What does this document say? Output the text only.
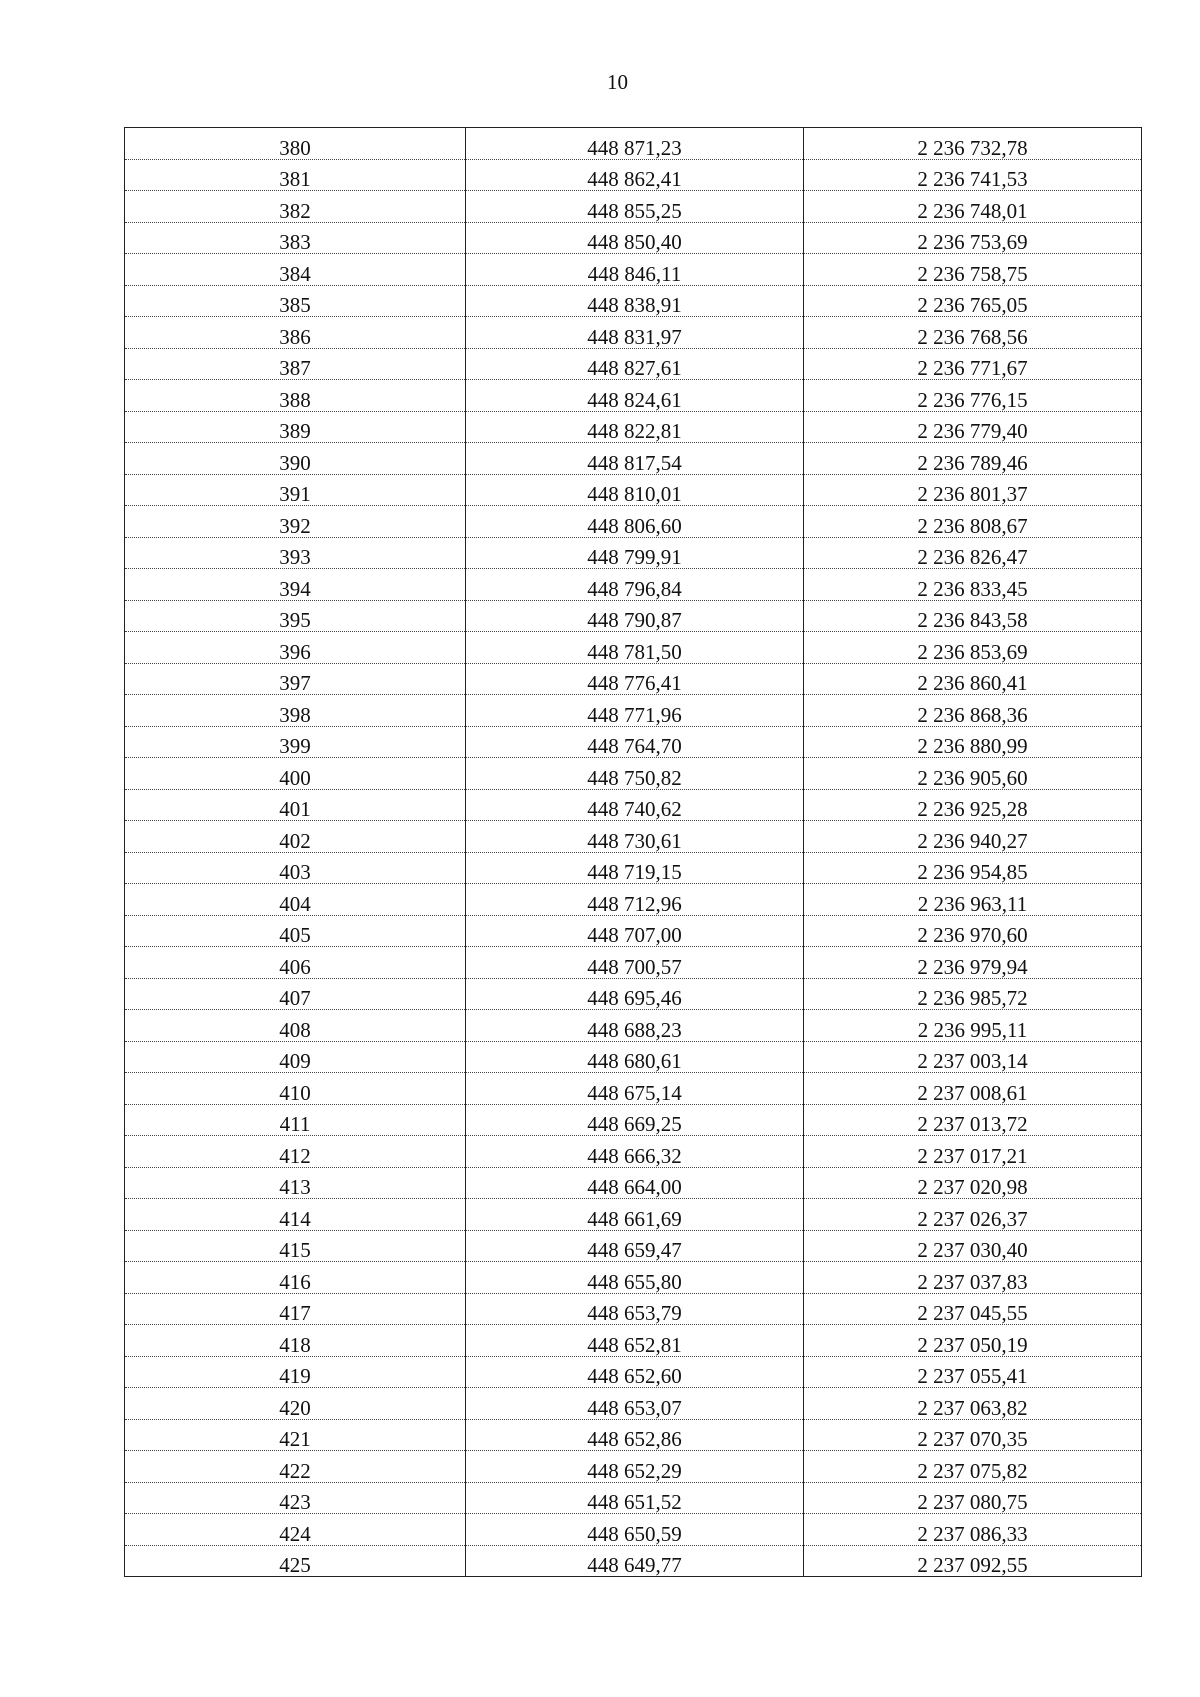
10
380	448 871,23	2 236 732,78
381	448 862,41	2 236 741,53
382	448 855,25	2 236 748,01
383	448 850,40	2 236 753,69
384	448 846,11	2 236 758,75
385	448 838,91	2 236 765,05
386	448 831,97	2 236 768,56
387	448 827,61	2 236 771,67
388	448 824,61	2 236 776,15
389	448 822,81	2 236 779,40
390	448 817,54	2 236 789,46
391	448 810,01	2 236 801,37
392	448 806,60	2 236 808,67
393	448 799,91	2 236 826,47
394	448 796,84	2 236 833,45
395	448 790,87	2 236 843,58
396	448 781,50	2 236 853,69
397	448 776,41	2 236 860,41
398	448 771,96	2 236 868,36
399	448 764,70	2 236 880,99
400	448 750,82	2 236 905,60
401	448 740,62	2 236 925,28
402	448 730,61	2 236 940,27
403	448 719,15	2 236 954,85
404	448 712,96	2 236 963,11
405	448 707,00	2 236 970,60
406	448 700,57	2 236 979,94
407	448 695,46	2 236 985,72
408	448 688,23	2 236 995,11
409	448 680,61	2 237 003,14
410	448 675,14	2 237 008,61
411	448 669,25	2 237 013,72
412	448 666,32	2 237 017,21
413	448 664,00	2 237 020,98
414	448 661,69	2 237 026,37
415	448 659,47	2 237 030,40
416	448 655,80	2 237 037,83
417	448 653,79	2 237 045,55
418	448 652,81	2 237 050,19
419	448 652,60	2 237 055,41
420	448 653,07	2 237 063,82
421	448 652,86	2 237 070,35
422	448 652,29	2 237 075,82
423	448 651,52	2 237 080,75
424	448 650,59	2 237 086,33
425	448 649,77	2 237 092,55
